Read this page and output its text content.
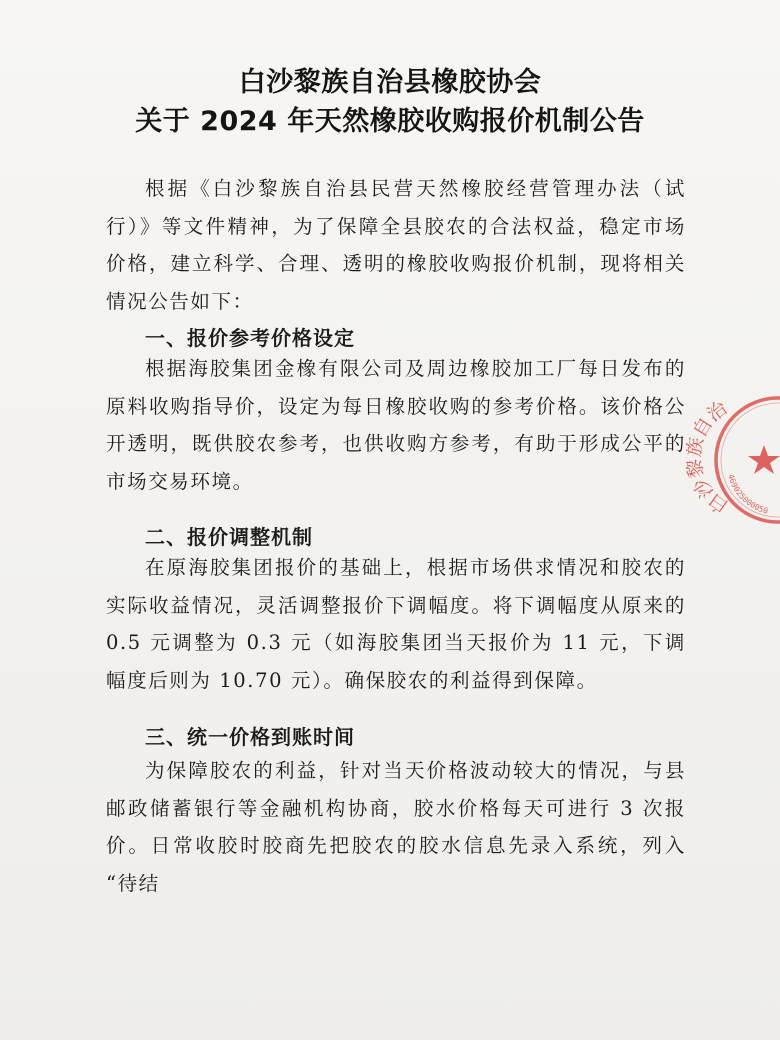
白沙黎族自治县橡胶协会
关于 2024 年天然橡胶收购报价机制公告

根据《白沙黎族自治县民营天然橡胶经营管理办法（试行）》等文件精神，为了保障全县胶农的合法权益，稳定市场价格，建立科学、合理、透明的橡胶收购报价机制，现将相关情况公告如下：

一、报价参考价格设定

根据海胶集团金橡有限公司及周边橡胶加工厂每日发布的原料收购指导价，设定为每日橡胶收购的参考价格。该价格公开透明，既供胶农参考，也供收购方参考，有助于形成公平的市场交易环境。

二、报价调整机制

在原海胶集团报价的基础上，根据市场供求情况和胶农的实际收益情况，灵活调整报价下调幅度。将下调幅度从原来的 0.5 元调整为 0.3 元（如海胶集团当天报价为 11 元，下调幅度后则为 10.70 元）。确保胶农的利益得到保障。

三、统一价格到账时间

为保障胶农的利益，针对当天价格波动较大的情况，与县邮政储蓄银行等金融机构协商，胶水价格每天可进行 3 次报价。日常收胶时胶商先把胶农的胶水信息先录入系统，列入 “待结

白沙 自治
469025000050
